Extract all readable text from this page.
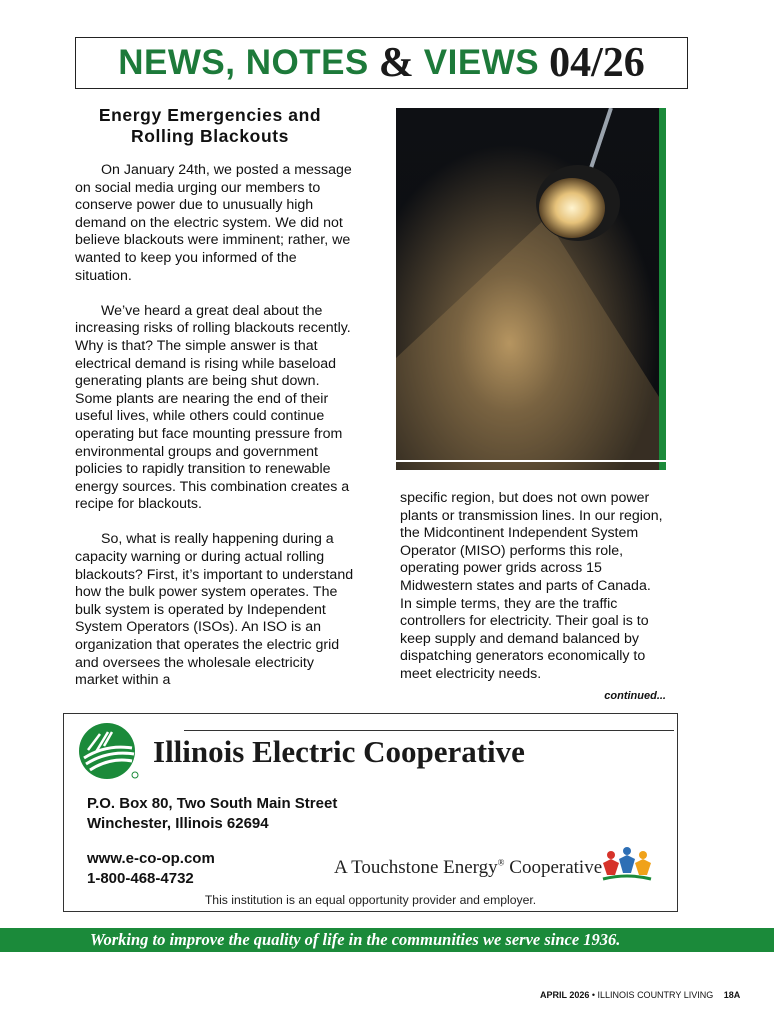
NEWS, NOTES & VIEWS 04/26
Energy Emergencies and
Rolling Blackouts

On January 24th, we posted a message on social media urging our members to conserve power due to unusually high demand on the electric system. We did not believe blackouts were imminent; rather, we wanted to keep you informed of the situation.

We’ve heard a great deal about the increasing risks of rolling blackouts recently. Why is that? The simple answer is that electrical demand is rising while baseload generating plants are being shut down. Some plants are nearing the end of their useful lives, while others could continue operating but face mounting pressure from environmental groups and government policies to rapidly transition to renewable energy sources. This combination creates a recipe for blackouts.

So, what is really happening during a capacity warning or during actual rolling blackouts? First, it’s important to understand how the bulk power system operates. The bulk system is operated by Independent System Operators (ISOs). An ISO is an organization that operates the electric grid and oversees the wholesale electricity market within a

specific region, but does not own power plants or transmission lines. In our region, the Midcontinent Independent System Operator (MISO) performs this role, operating power grids across 15 Midwestern states and parts of Canada. In simple terms, they are the traffic controllers for electricity. Their goal is to keep supply and demand balanced by dispatching generators economically to meet electricity needs.

continued...
Illinois Electric Cooperative
P.O. Box 80, Two South Main Street
Winchester, Illinois 62694
www.e-co-op.com
1-800-468-4732
A Touchstone Energy® Cooperative
This institution is an equal opportunity provider and employer.
Working to improve the quality of life in the communities we serve since 1936.
APRIL 2026 • ILLINOIS COUNTRY LIVING 18A
